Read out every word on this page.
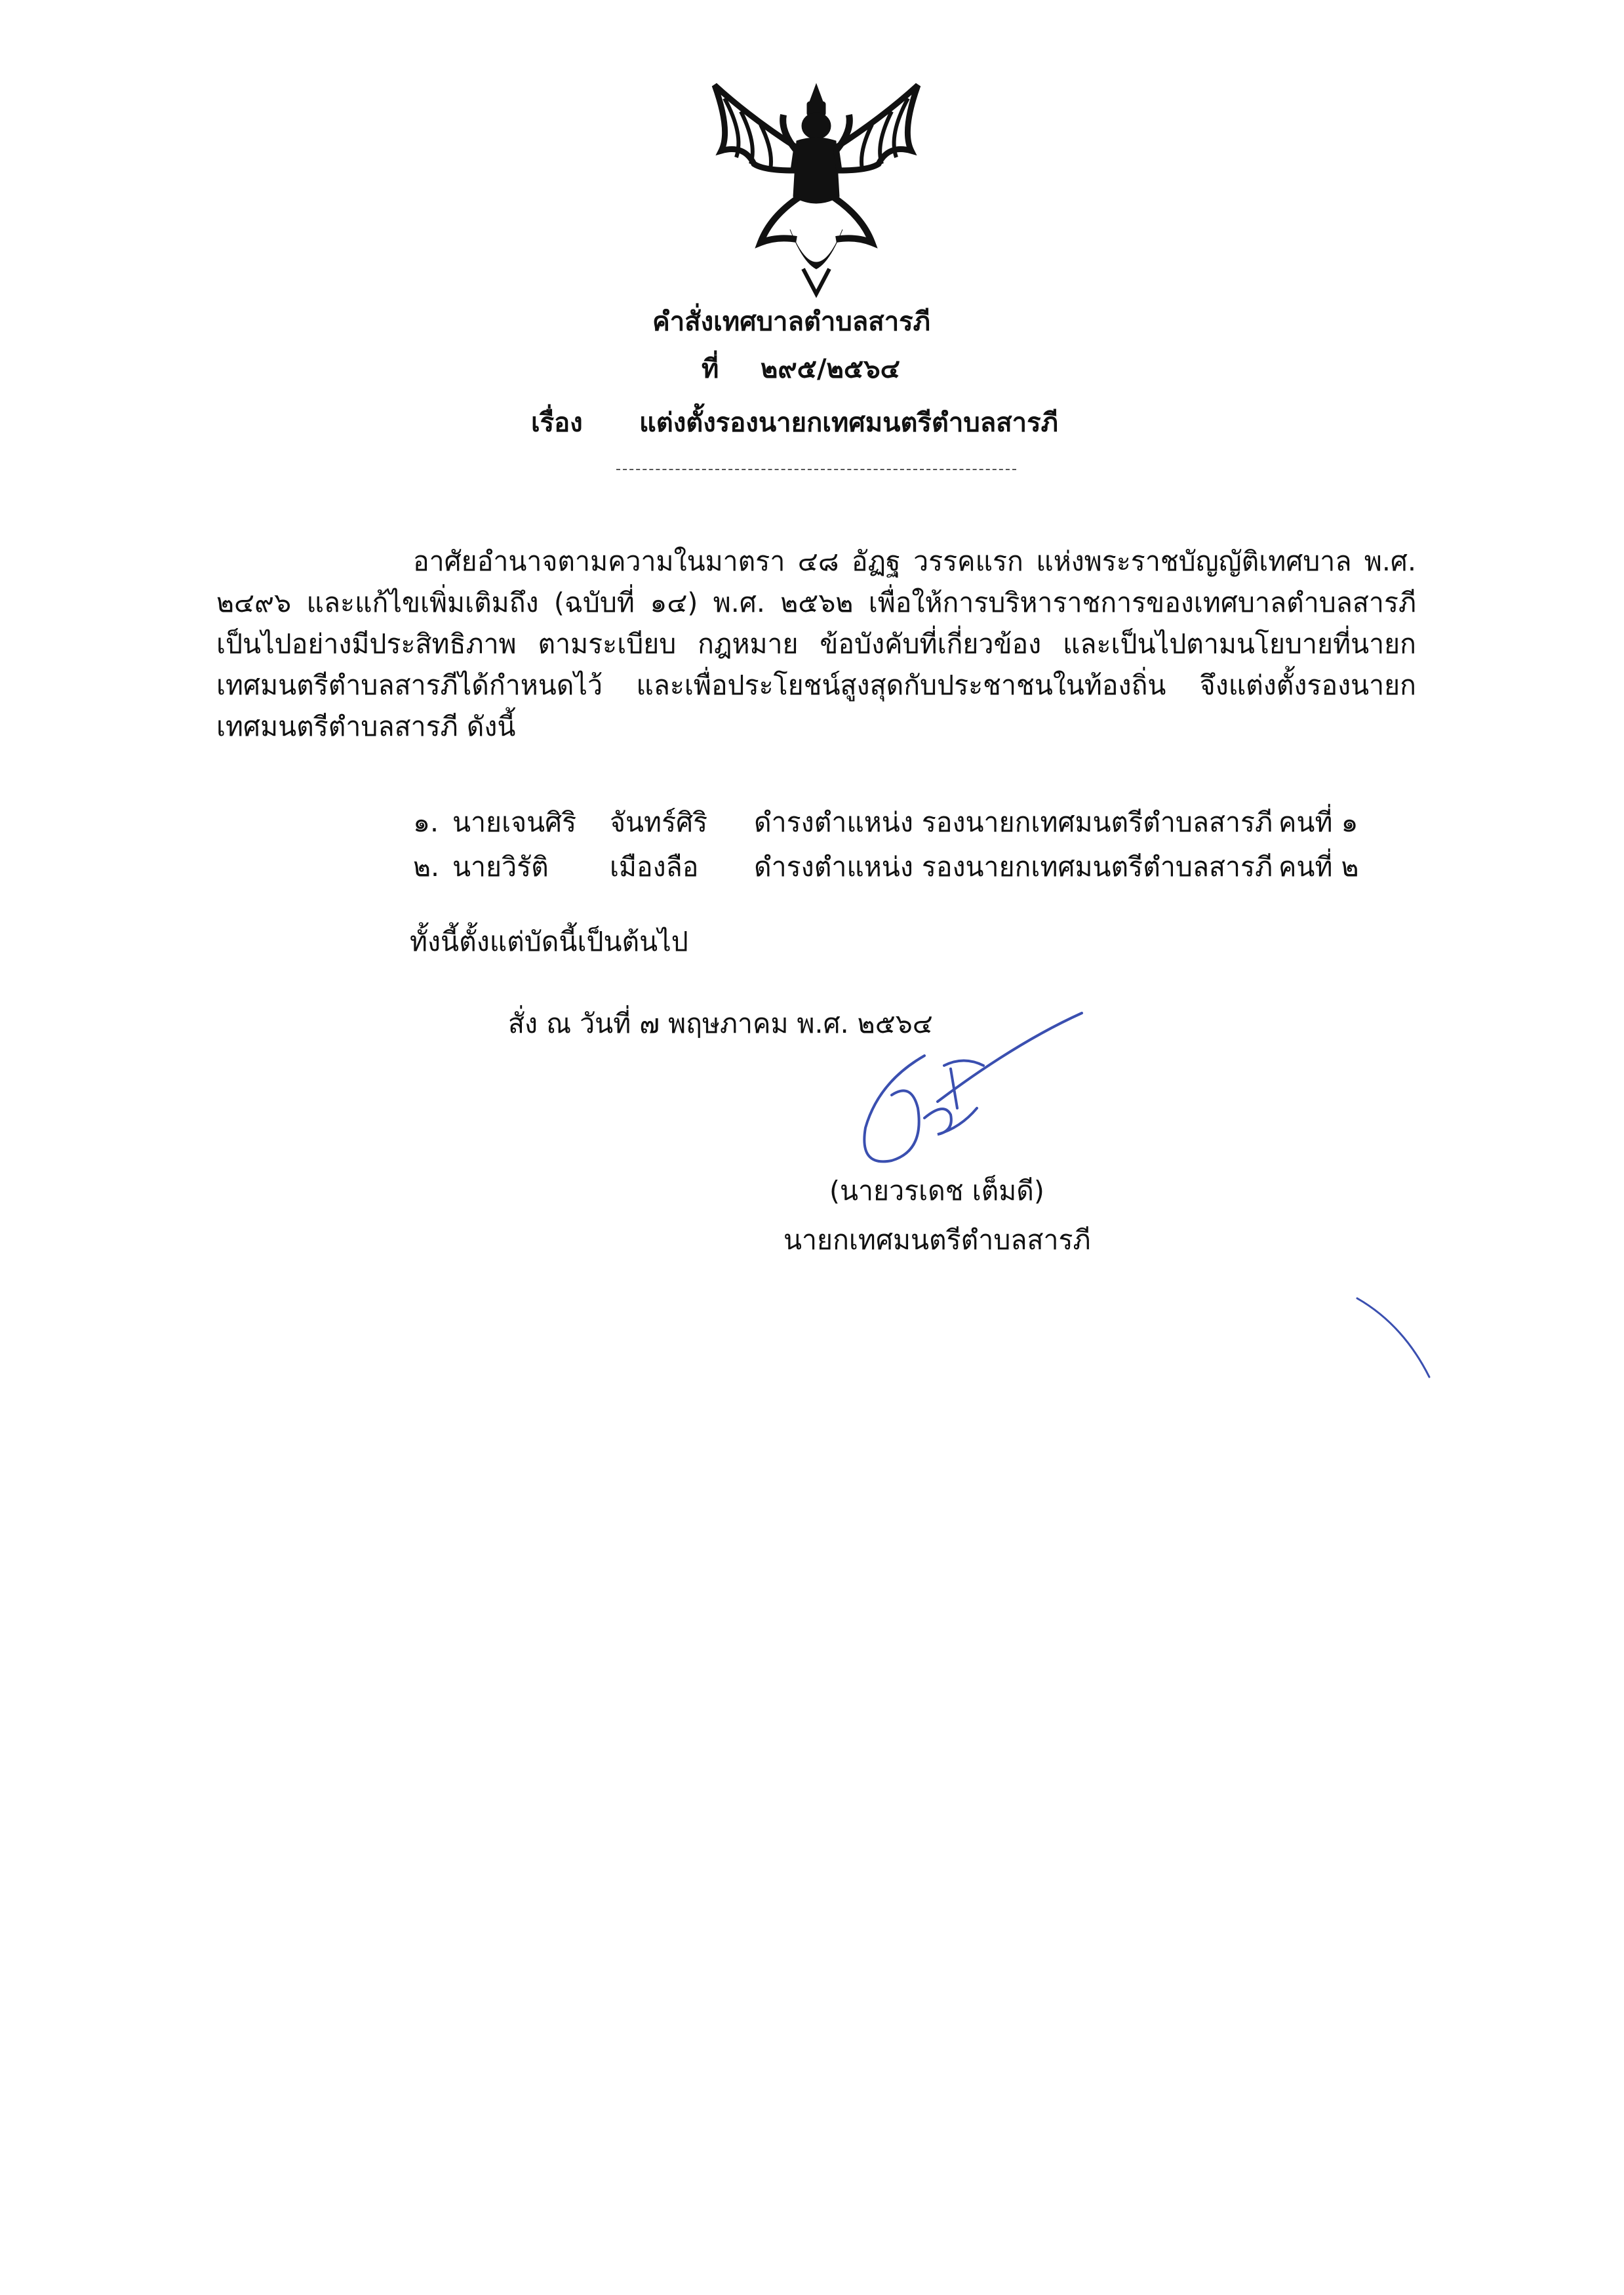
คำสั่งเทศบาลตำบลสารภี
ที่ ๒๙๕/๒๕๖๔
เรื่อง แต่งตั้งรองนายกเทศมนตรีตำบลสารภี
อาศัยอำนาจตามความในมาตรา ๔๘ อัฏฐ วรรคแรก แห่งพระราชบัญญัติเทศบาล พ.ศ. ๒๔๙๖ และแก้ไขเพิ่มเติมถึง (ฉบับที่ ๑๔) พ.ศ. ๒๕๖๒ เพื่อให้การบริหาราชการของเทศบาลตำบลสารภี เป็นไปอย่างมีประสิทธิภาพ ตามระเบียบ กฎหมาย ข้อบังคับที่เกี่ยวข้อง และเป็นไปตามนโยบายที่นายกเทศมนตรีตำบลสารภีได้กำหนดไว้ และเพื่อประโยชน์สูงสุดกับประชาชนในท้องถิ่น จึงแต่งตั้งรองนายกเทศมนตรีตำบลสารภี ดังนี้
๑. นายเจนศิริ จันทร์ศิริ ดำรงตำแหน่ง รองนายกเทศมนตรีตำบลสารภี คนที่ ๑
๒. นายวิรัติ เมืองลือ ดำรงตำแหน่ง รองนายกเทศมนตรีตำบลสารภี คนที่ ๒
ทั้งนี้ตั้งแต่บัดนี้เป็นต้นไป
สั่ง ณ วันที่ ๗ พฤษภาคม พ.ศ. ๒๕๖๔
(นายวรเดช เต็มดี)
นายกเทศมนตรีตำบลสารภี
